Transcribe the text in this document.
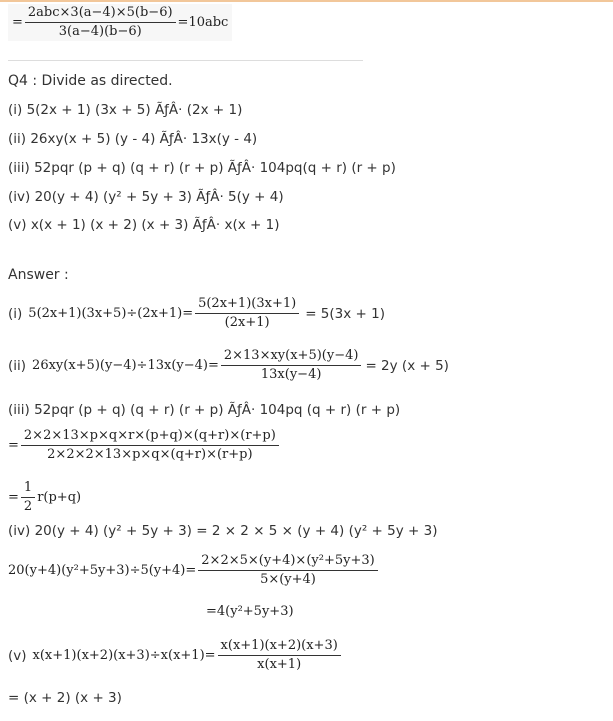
= $\frac{\text{2abc×3(a−4)×5(b−6)}}{3(a-4)(b-6)} =10abc$
Q4 : Divide as directed.
(i) 5(2x + 1) (3x + 5) ÃƒÂ· (2x + 1)
(ii) 26xy(x + 5) (y - 4) ÃƒÂ· 13x(y - 4)
(iii) 52pqr (p + q) (q + r) (r + p) ÃƒÂ· 104pq(q + r) (r + p)
(iv) 20(y + 4) (y² + 5y + 3) ÃƒÂ· 5(y + 4)
(v) x(x + 1) (x + 2) (x + 3) ÃƒÂ· x(x + 1)
Answer :
(i) $5(2x+1)(3x+5)\div(2x+1)= \frac{5(2x+1)(3x+1)}{(2x+1)} = 5(3x + 1)$
(ii) $26xy(x+5)(y-4)\div 13x(y-4)= \frac{2\times 13\times xy(x+5)(y-4)}{13x(y-4)} = 2y$ (x + 5)
(iii) 52pqr (p + q) (q + r) (r + p) ÃƒÂ· 104pq (q + r) (r + p)
= $\frac{2\times 2\times 13\times p\times q\times r\times(p+q)\times(q+r)\times(r+p)}{2\times 2\times 2\times 13\times p\times q\times(q+r)\times(r+p)}$
= $\frac{1}{2} r(p+q)$
(iv) 20(y + 4) (y² + 5y + 3) = 2 × 2 × 5 × (y + 4) (y² + 5y + 3)
$20(y+4)(y^2+5y+3)\div 5(y+4)= \frac{\text{2×2×5×(y+4)×(y²+5y+3)}}{5\times(y+4)}$
=4(y²+5y+3)
(v) $x(x+1)(x+2)(x+3)\div x(x+1)= \frac{x(x+1)(x+2)(x+3)}{x(x+1)}$
= (x + 2) (x + 3)
